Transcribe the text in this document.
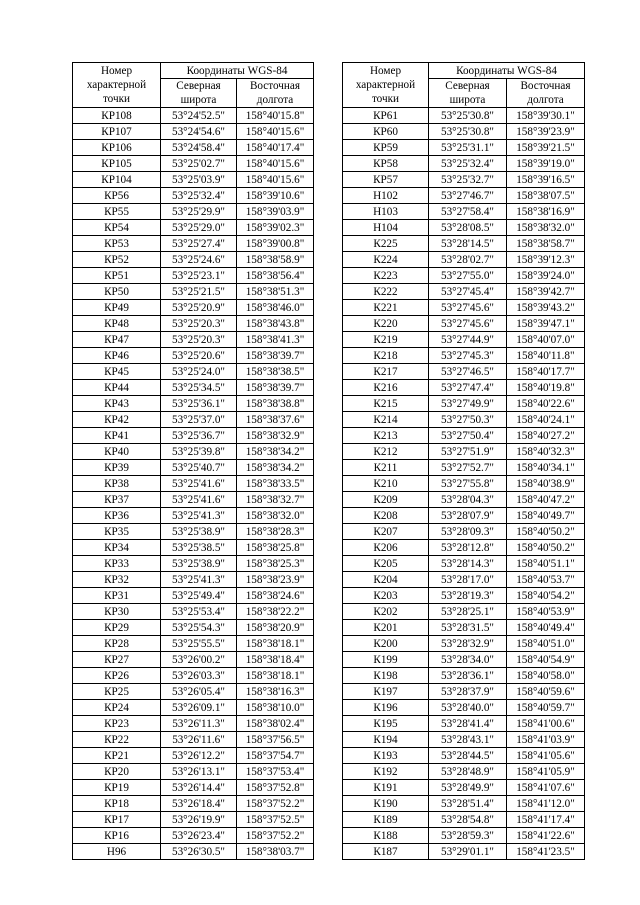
Номер
характерной
точки	Координаты WGS-84	
	Северная
широта	Восточная
долгота
КР108	53°24'52.5"	158°40'15.8"
КР107	53°24'54.6"	158°40'15.6"
КР106	53°24'58.4"	158°40'17.4"
КР105	53°25'02.7"	158°40'15.6"
КР104	53°25'03.9"	158°40'15.6"
КР56	53°25'32.4"	158°39'10.6"
КР55	53°25'29.9"	158°39'03.9"
КР54	53°25'29.0"	158°39'02.3"
КР53	53°25'27.4"	158°39'00.8"
КР52	53°25'24.6"	158°38'58.9"
КР51	53°25'23.1"	158°38'56.4"
КР50	53°25'21.5"	158°38'51.3"
КР49	53°25'20.9"	158°38'46.0"
КР48	53°25'20.3"	158°38'43.8"
КР47	53°25'20.3"	158°38'41.3"
КР46	53°25'20.6"	158°38'39.7"
КР45	53°25'24.0"	158°38'38.5"
КР44	53°25'34.5"	158°38'39.7"
КР43	53°25'36.1"	158°38'38.8"
КР42	53°25'37.0"	158°38'37.6"
КР41	53°25'36.7"	158°38'32.9"
КР40	53°25'39.8"	158°38'34.2"
КР39	53°25'40.7"	158°38'34.2"
КР38	53°25'41.6"	158°38'33.5"
КР37	53°25'41.6"	158°38'32.7"
КР36	53°25'41.3"	158°38'32.0"
КР35	53°25'38.9"	158°38'28.3"
КР34	53°25'38.5"	158°38'25.8"
КР33	53°25'38.9"	158°38'25.3"
КР32	53°25'41.3"	158°38'23.9"
КР31	53°25'49.4"	158°38'24.6"
КР30	53°25'53.4"	158°38'22.2"
КР29	53°25'54.3"	158°38'20.9"
КР28	53°25'55.5"	158°38'18.1"
КР27	53°26'00.2"	158°38'18.4"
КР26	53°26'03.3"	158°38'18.1"
КР25	53°26'05.4"	158°38'16.3"
КР24	53°26'09.1"	158°38'10.0"
КР23	53°26'11.3"	158°38'02.4"
КР22	53°26'11.6"	158°37'56.5"
КР21	53°26'12.2"	158°37'54.7"
КР20	53°26'13.1"	158°37'53.4"
КР19	53°26'14.4"	158°37'52.8"
КР18	53°26'18.4"	158°37'52.2"
КР17	53°26'19.9"	158°37'52.5"
КР16	53°26'23.4"	158°37'52.2"
Н96	53°26'30.5"	158°38'03.7"
Номер
характерной
точки	Координаты WGS-84	
	Северная
широта	Восточная
долгота
КР61	53°25'30.8"	158°39'30.1"
КР60	53°25'30.8"	158°39'23.9"
КР59	53°25'31.1"	158°39'21.5"
КР58	53°25'32.4"	158°39'19.0"
КР57	53°25'32.7"	158°39'16.5"
Н102	53°27'46.7"	158°38'07.5"
Н103	53°27'58.4"	158°38'16.9"
Н104	53°28'08.5"	158°38'32.0"
К225	53°28'14.5"	158°38'58.7"
К224	53°28'02.7"	158°39'12.3"
К223	53°27'55.0"	158°39'24.0"
К222	53°27'45.4"	158°39'42.7"
К221	53°27'45.6"	158°39'43.2"
К220	53°27'45.6"	158°39'47.1"
К219	53°27'44.9"	158°40'07.0"
К218	53°27'45.3"	158°40'11.8"
К217	53°27'46.5"	158°40'17.7"
К216	53°27'47.4"	158°40'19.8"
К215	53°27'49.9"	158°40'22.6"
К214	53°27'50.3"	158°40'24.1"
К213	53°27'50.4"	158°40'27.2"
К212	53°27'51.9"	158°40'32.3"
К211	53°27'52.7"	158°40'34.1"
К210	53°27'55.8"	158°40'38.9"
К209	53°28'04.3"	158°40'47.2"
К208	53°28'07.9"	158°40'49.7"
К207	53°28'09.3"	158°40'50.2"
К206	53°28'12.8"	158°40'50.2"
К205	53°28'14.3"	158°40'51.1"
К204	53°28'17.0"	158°40'53.7"
К203	53°28'19.3"	158°40'54.2"
К202	53°28'25.1"	158°40'53.9"
К201	53°28'31.5"	158°40'49.4"
К200	53°28'32.9"	158°40'51.0"
К199	53°28'34.0"	158°40'54.9"
К198	53°28'36.1"	158°40'58.0"
К197	53°28'37.9"	158°40'59.6"
К196	53°28'40.0"	158°40'59.7"
К195	53°28'41.4"	158°41'00.6"
К194	53°28'43.1"	158°41'03.9"
К193	53°28'44.5"	158°41'05.6"
К192	53°28'48.9"	158°41'05.9"
К191	53°28'49.9"	158°41'07.6"
К190	53°28'51.4"	158°41'12.0"
К189	53°28'54.8"	158°41'17.4"
К188	53°28'59.3"	158°41'22.6"
К187	53°29'01.1"	158°41'23.5"
